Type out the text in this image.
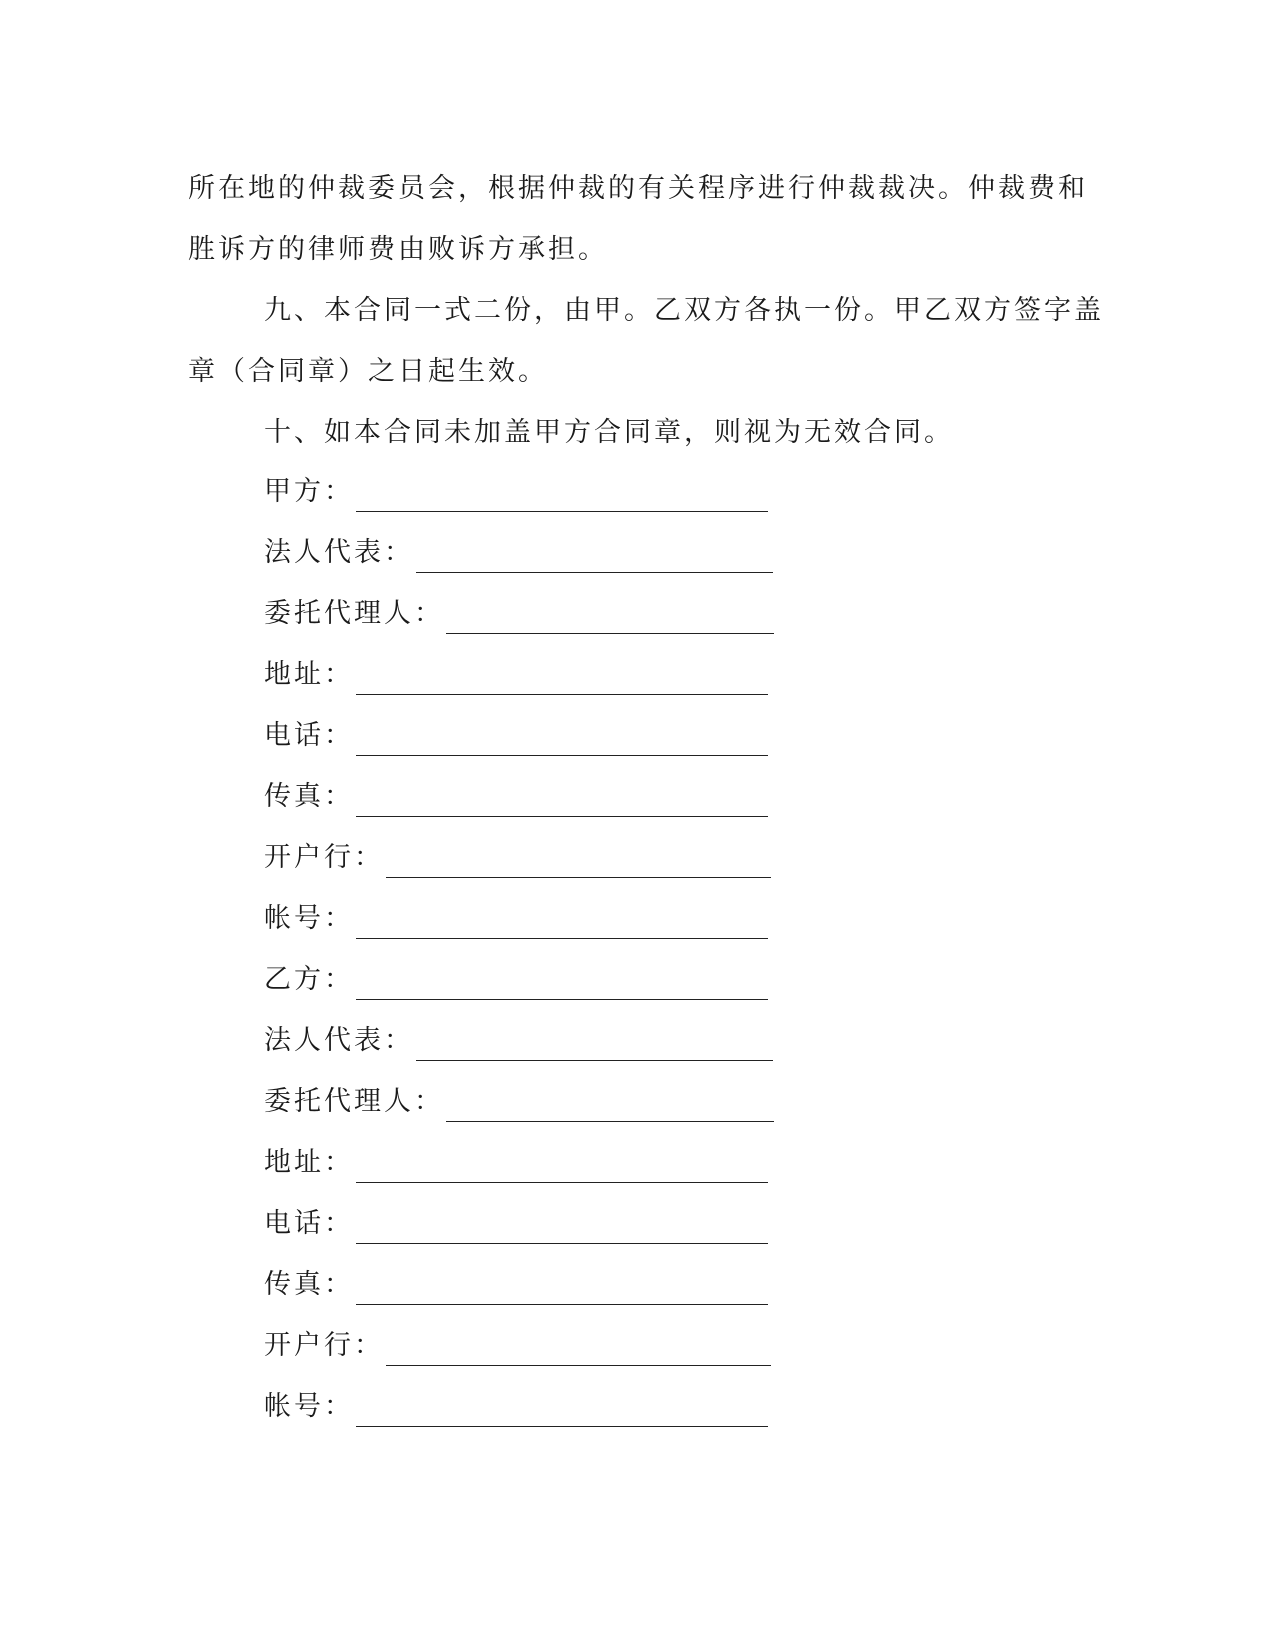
所在地的仲裁委员会，根据仲裁的有关程序进行仲裁裁决。仲裁费和

胜诉方的律师费由败诉方承担。

九、本合同一式二份，由甲。乙双方各执一份。甲乙双方签字盖

章（合同章）之日起生效。

十、如本合同未加盖甲方合同章，则视为无效合同。

甲方：
法人代表：
委托代理人：
地址：
电话：
传真：
开户行：
帐号：
乙方：
法人代表：
委托代理人：
地址：
电话：
传真：
开户行：
帐号：
